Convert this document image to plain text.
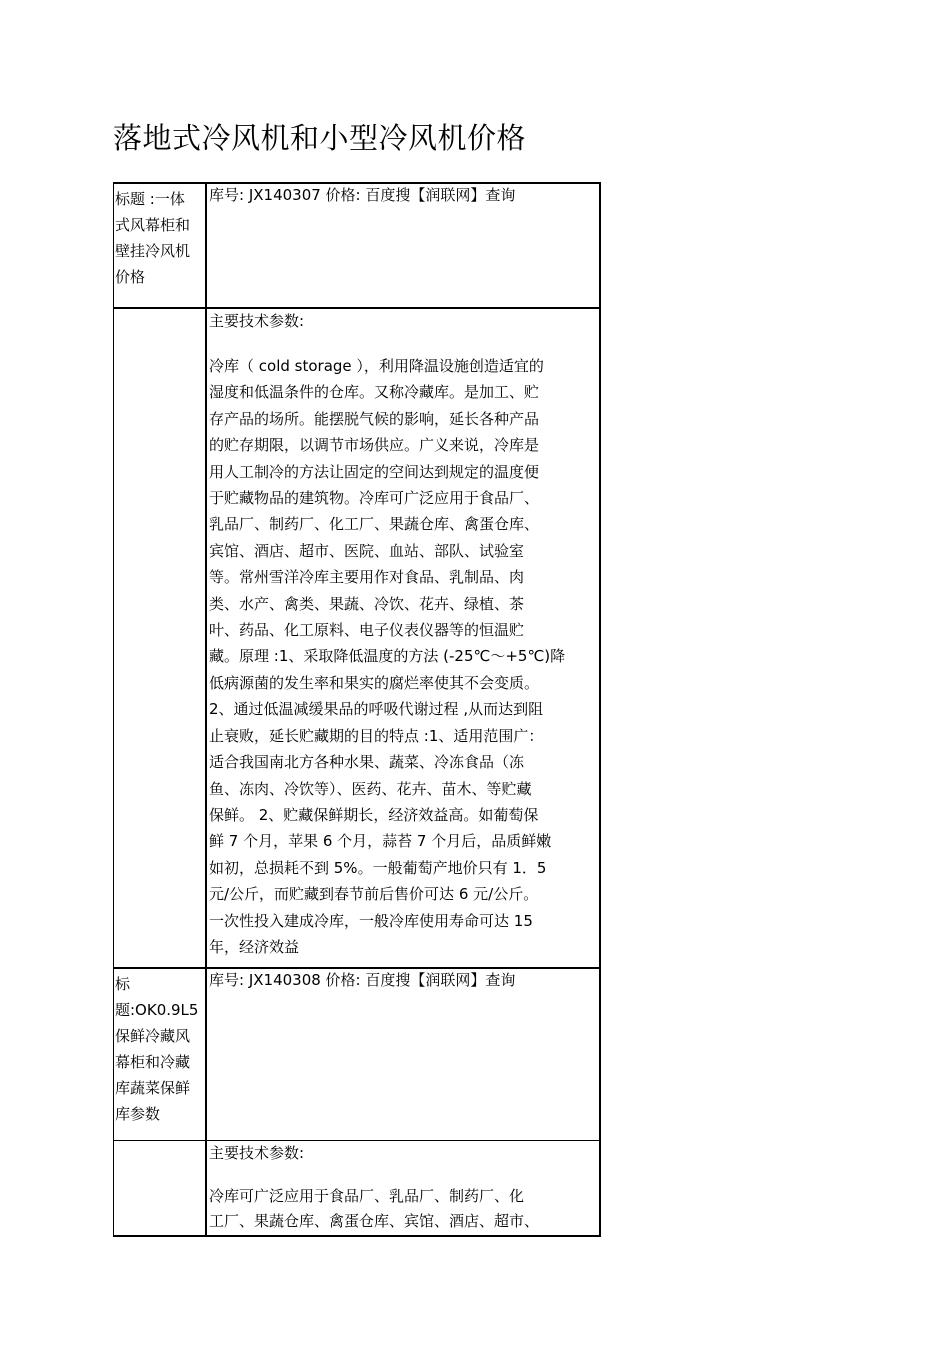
落地式冷风机和小型冷风机价格
标题 :一体
式风幕柜和
壁挂冷风机
价格
库号: JX140307 价格: 百度搜【润联网】查询
主要技术参数:
冷库（ cold storage ），利用降温设施创造适宜的
湿度和低温条件的仓库。又称冷藏库。是加工、贮
存产品的场所。能摆脱气候的影响，延长各种产品
的贮存期限，以调节市场供应。广义来说，冷库是
用人工制冷的方法让固定的空间达到规定的温度便
于贮藏物品的建筑物。冷库可广泛应用于食品厂、
乳品厂、制药厂、化工厂、果蔬仓库、禽蛋仓库、
宾馆、酒店、超市、医院、血站、部队、试验室
等。常州雪洋冷库主要用作对食品、乳制品、肉
类、水产、禽类、果蔬、冷饮、花卉、绿植、茶
叶、药品、化工原料、电子仪表仪器等的恒温贮
藏。原理 :1、采取降低温度的方法 (-25℃～+5℃)降
低病源菌的发生率和果实的腐烂率使其不会变质。
2、通过低温减缓果品的呼吸代谢过程 ,从而达到阻
止衰败，延长贮藏期的目的特点 :1、适用范围广：
适合我国南北方各种水果、蔬菜、冷冻食品（冻
鱼、冻肉、冷饮等）、医药、花卉、苗木、等贮藏
保鲜。 2、贮藏保鲜期长，经济效益高。如葡萄保
鲜 7 个月，苹果 6 个月，蒜苔 7 个月后，品质鲜嫩
如初，总损耗不到 5%。一般葡萄产地价只有 1．5
元/公斤，而贮藏到春节前后售价可达 6 元/公斤。
一次性投入建成冷库，一般冷库使用寿命可达 15
年，经济效益
标
题:OK0.9L5
保鲜冷藏风
幕柜和冷藏
库蔬菜保鲜
库参数
库号: JX140308 价格: 百度搜【润联网】查询
主要技术参数:
冷库可广泛应用于食品厂、乳品厂、制药厂、化
工厂、果蔬仓库、禽蛋仓库、宾馆、酒店、超市、
